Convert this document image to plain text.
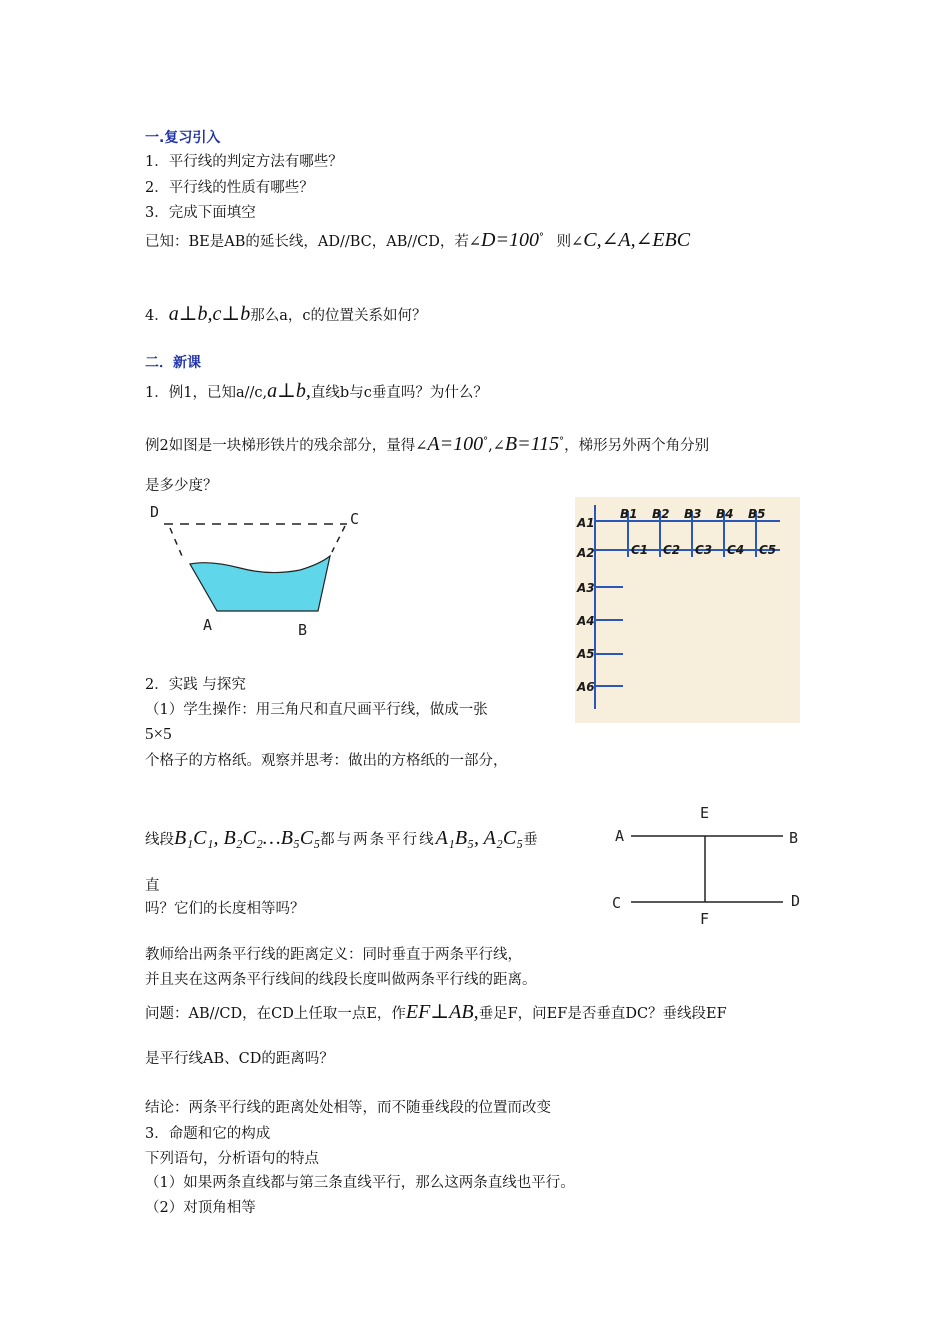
一.复习引入
1．平行线的判定方法有哪些？
2．平行线的性质有哪些？
3．完成下面填空
已知：BE是AB的延长线，AD//BC，AB//CD，若∠D=100° 则∠C,∠A,∠EBC
4．a⊥b,c⊥b那么a，c的位置关系如何？
二．新课
1．例1，已知a//c,a⊥b,直线b与c垂直吗？为什么？
例2如图是一块梯形铁片的残余部分，量得∠A=100°,∠B=115°，梯形另外两个角分别
是多少度？
D	C
A	B
A1
A2
A3
A4
A5
A6
B1 B2 B3 B4 B5
C1 C2 C3 C4 C5
2．实践 与探究
（1）学生操作：用三角尺和直尺画平行线，做成一张
5×5
个格子的方格纸。观察并思考：做出的方格纸的一部分，
线段B₁C₁, B₂C₂…B₅C₅都与两条平行线A₁B₅, A₂C₅垂
直
吗？它们的长度相等吗？
A	B
C	D
E
F
教师给出两条平行线的距离定义：同时垂直于两条平行线，
并且夹在这两条平行线间的线段长度叫做两条平行线的距离。
问题：AB//CD，在CD上任取一点E，作EF⊥AB,垂足F，问EF是否垂直DC？垂线段EF
是平行线AB、CD的距离吗？
结论：两条平行线的距离处处相等，而不随垂线段的位置而改变
3．命题和它的构成
下列语句，分析语句的特点
（1）如果两条直线都与第三条直线平行，那么这两条直线也平行。
（2）对顶角相等
